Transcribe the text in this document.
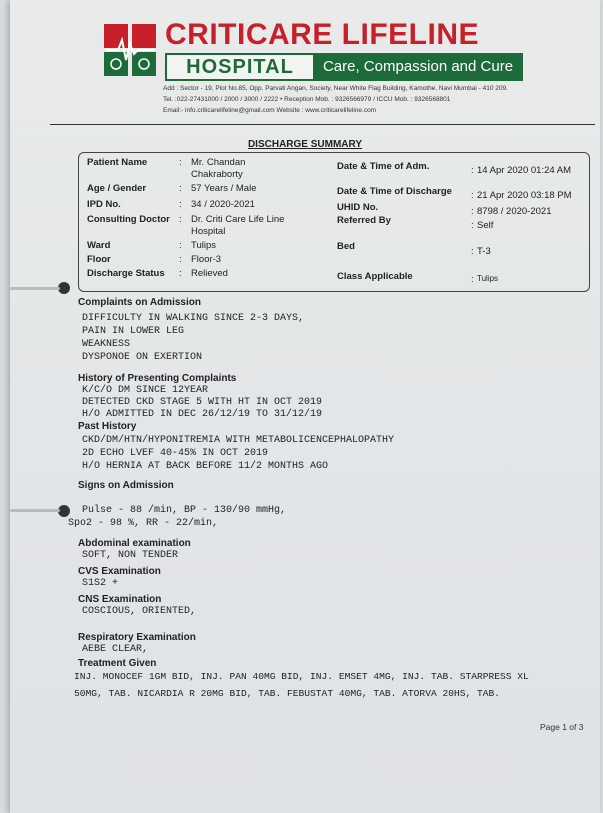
CRITICARE LIFELINE
HOSPITAL	Care, Compassion and Cure
Add : Sector - 19, Plot No.85, Opp. Parvati Angan, Society, Near White Flag Building, Kamothe, Navi Mumbai - 410 209.
Tel. :022-27431000 / 2000 / 3000 / 2222 • Reception Mob. : 9326566979 / ICCU Mob. : 9326568801
Email:- info.criticarelifeline@gmail.com Website : www.criticarelifeline.com
DISCHARGE SUMMARY
Patient Name	: Mr. Chandan
Chakraborty
Age / Gender	: 57 Years / Male
IPD No.	: 34 / 2020-2021
Consulting Doctor : Dr. Criti Care Life Line
Hospital
Ward	: Tulips
Floor	: Floor-3
Discharge Status : Relieved
Date & Time of Adm.	: 14 Apr 2020 01:24 AM
Date & Time of Discharge : 21 Apr 2020 03:18 PM
UHID No.	: 8798 / 2020-2021
Referred By	: Self
Bed	: T-3
Class Applicable	: Tulips
Complaints on Admission
DIFFICULTY IN WALKING SINCE 2-3 DAYS,
PAIN IN LOWER LEG
WEAKNESS
DYSPONOE ON EXERTION
History of Presenting Complaints
K/C/O DM SINCE 12YEAR
DETECTED CKD STAGE 5 WITH HT IN OCT 2019
H/O ADMITTED IN DEC 26/12/19 TO 31/12/19
Past History
CKD/DM/HTN/HYPONITREMIA WITH METABOLICENCEPHALOPATHY
2D ECHO LVEF 40-45% IN OCT 2019
H/O HERNIA AT BACK BEFORE 11/2 MONTHS AGO
Signs on Admission
Pulse - 88 /min, BP - 130/90 mmHg,
Spo2 - 98 %, RR - 22/min,
Abdominal examination
SOFT, NON TENDER
CVS Examination
S1S2 +
CNS Examination
COSCIOUS, ORIENTED,
Respiratory Examination
AEBE CLEAR,
Treatment Given
INJ. MONOCEF 1GM BID, INJ. PAN 40MG BID, INJ. EMSET 4MG, INJ. TAB. STARPRESS XL
50MG, TAB. NICARDIA R 20MG BID, TAB. FEBUSTAT 40MG, TAB. ATORVA 20HS, TAB.
Page 1 of 3
